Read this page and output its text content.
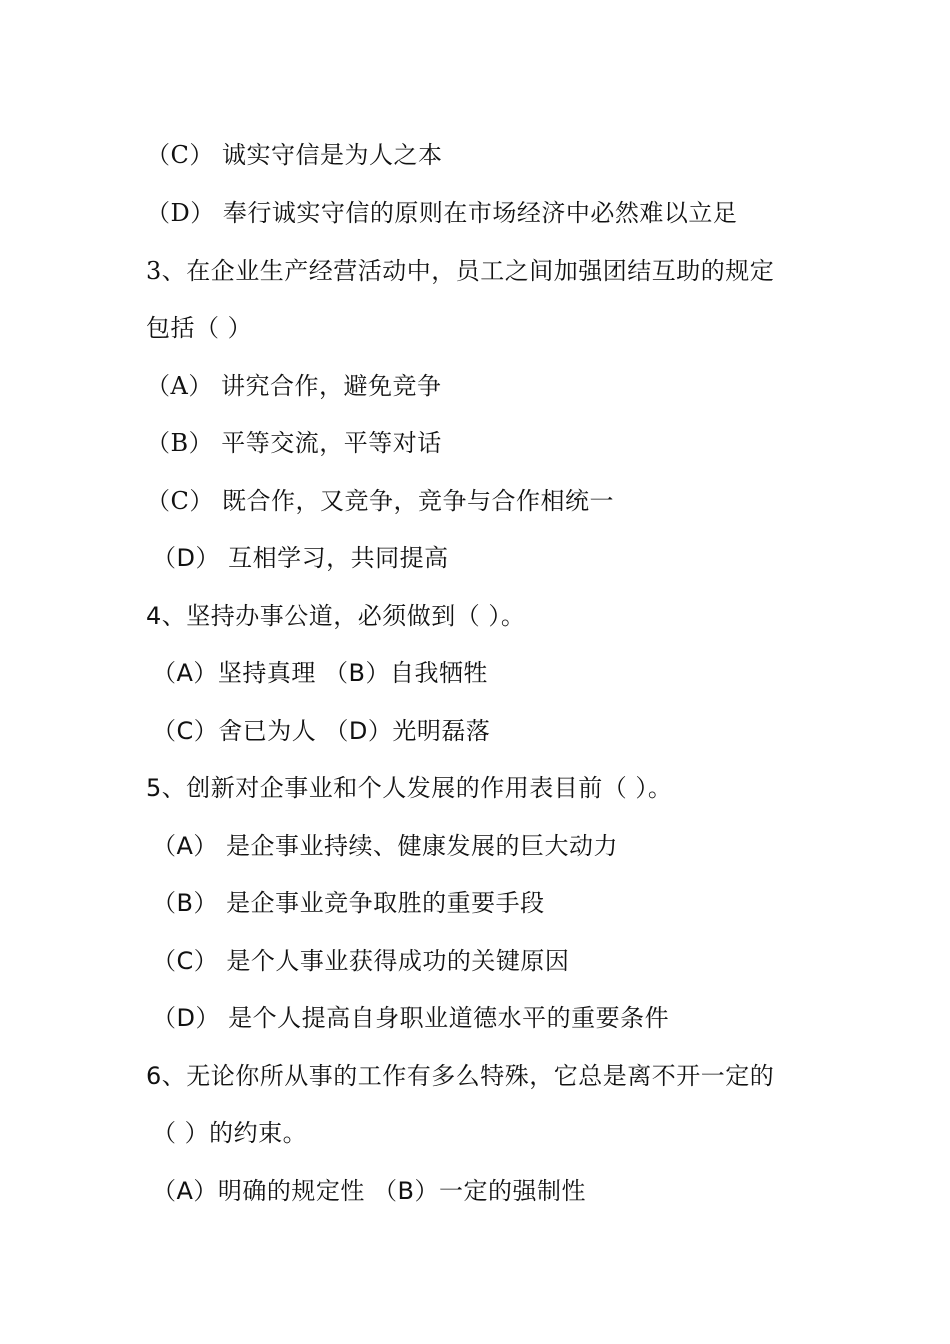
（C） 诚实守信是为人之本
（D） 奉行诚实守信的原则在市场经济中必然难以立足
3、在企业生产经营活动中，员工之间加强团结互助的规定
包括（ ）
（A） 讲究合作，避免竞争
（B） 平等交流，平等对话
（C） 既合作，又竞争，竞争与合作相统一
（D） 互相学习，共同提高
4、坚持办事公道，必须做到（ ）。
（A）坚持真理 （B）自我牺牲
（C）舍已为人 （D）光明磊落
5、创新对企事业和个人发展的作用表目前（ ）。
（A） 是企事业持续、健康发展的巨大动力
（B） 是企事业竞争取胜的重要手段
（C） 是个人事业获得成功的关键原因
（D） 是个人提高自身职业道德水平的重要条件
6、无论你所从事的工作有多么特殊，它总是离不开一定的
（ ）的约束。
（A）明确的规定性 （B）一定的强制性
